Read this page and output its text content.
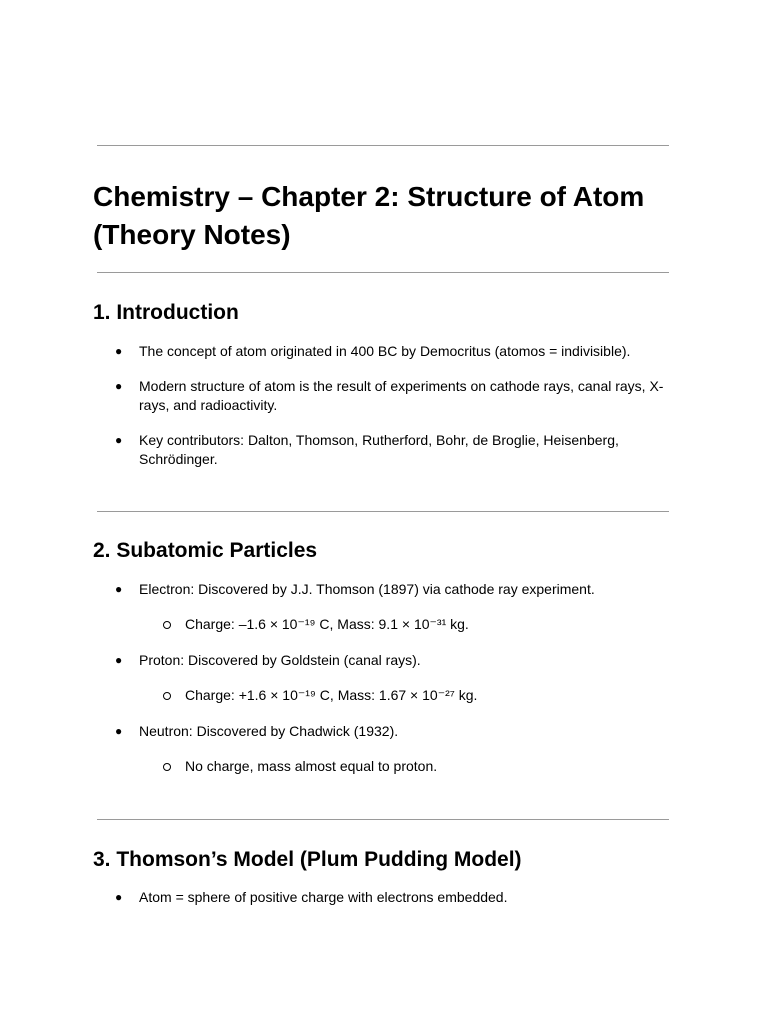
Chemistry – Chapter 2: Structure of Atom (Theory Notes)
1. Introduction
● The concept of atom originated in 400 BC by Democritus (atomos = indivisible).
● Modern structure of atom is the result of experiments on cathode rays, canal rays, X-rays, and radioactivity.
● Key contributors: Dalton, Thomson, Rutherford, Bohr, de Broglie, Heisenberg, Schrödinger.
2. Subatomic Particles
● Electron: Discovered by J.J. Thomson (1897) via cathode ray experiment.
Charge: –1.6 × 10⁻¹⁹ C, Mass: 9.1 × 10⁻³¹ kg.
● Proton: Discovered by Goldstein (canal rays).
Charge: +1.6 × 10⁻¹⁹ C, Mass: 1.67 × 10⁻²⁷ kg.
● Neutron: Discovered by Chadwick (1932).
No charge, mass almost equal to proton.
3. Thomson’s Model (Plum Pudding Model)
● Atom = sphere of positive charge with electrons embedded.
